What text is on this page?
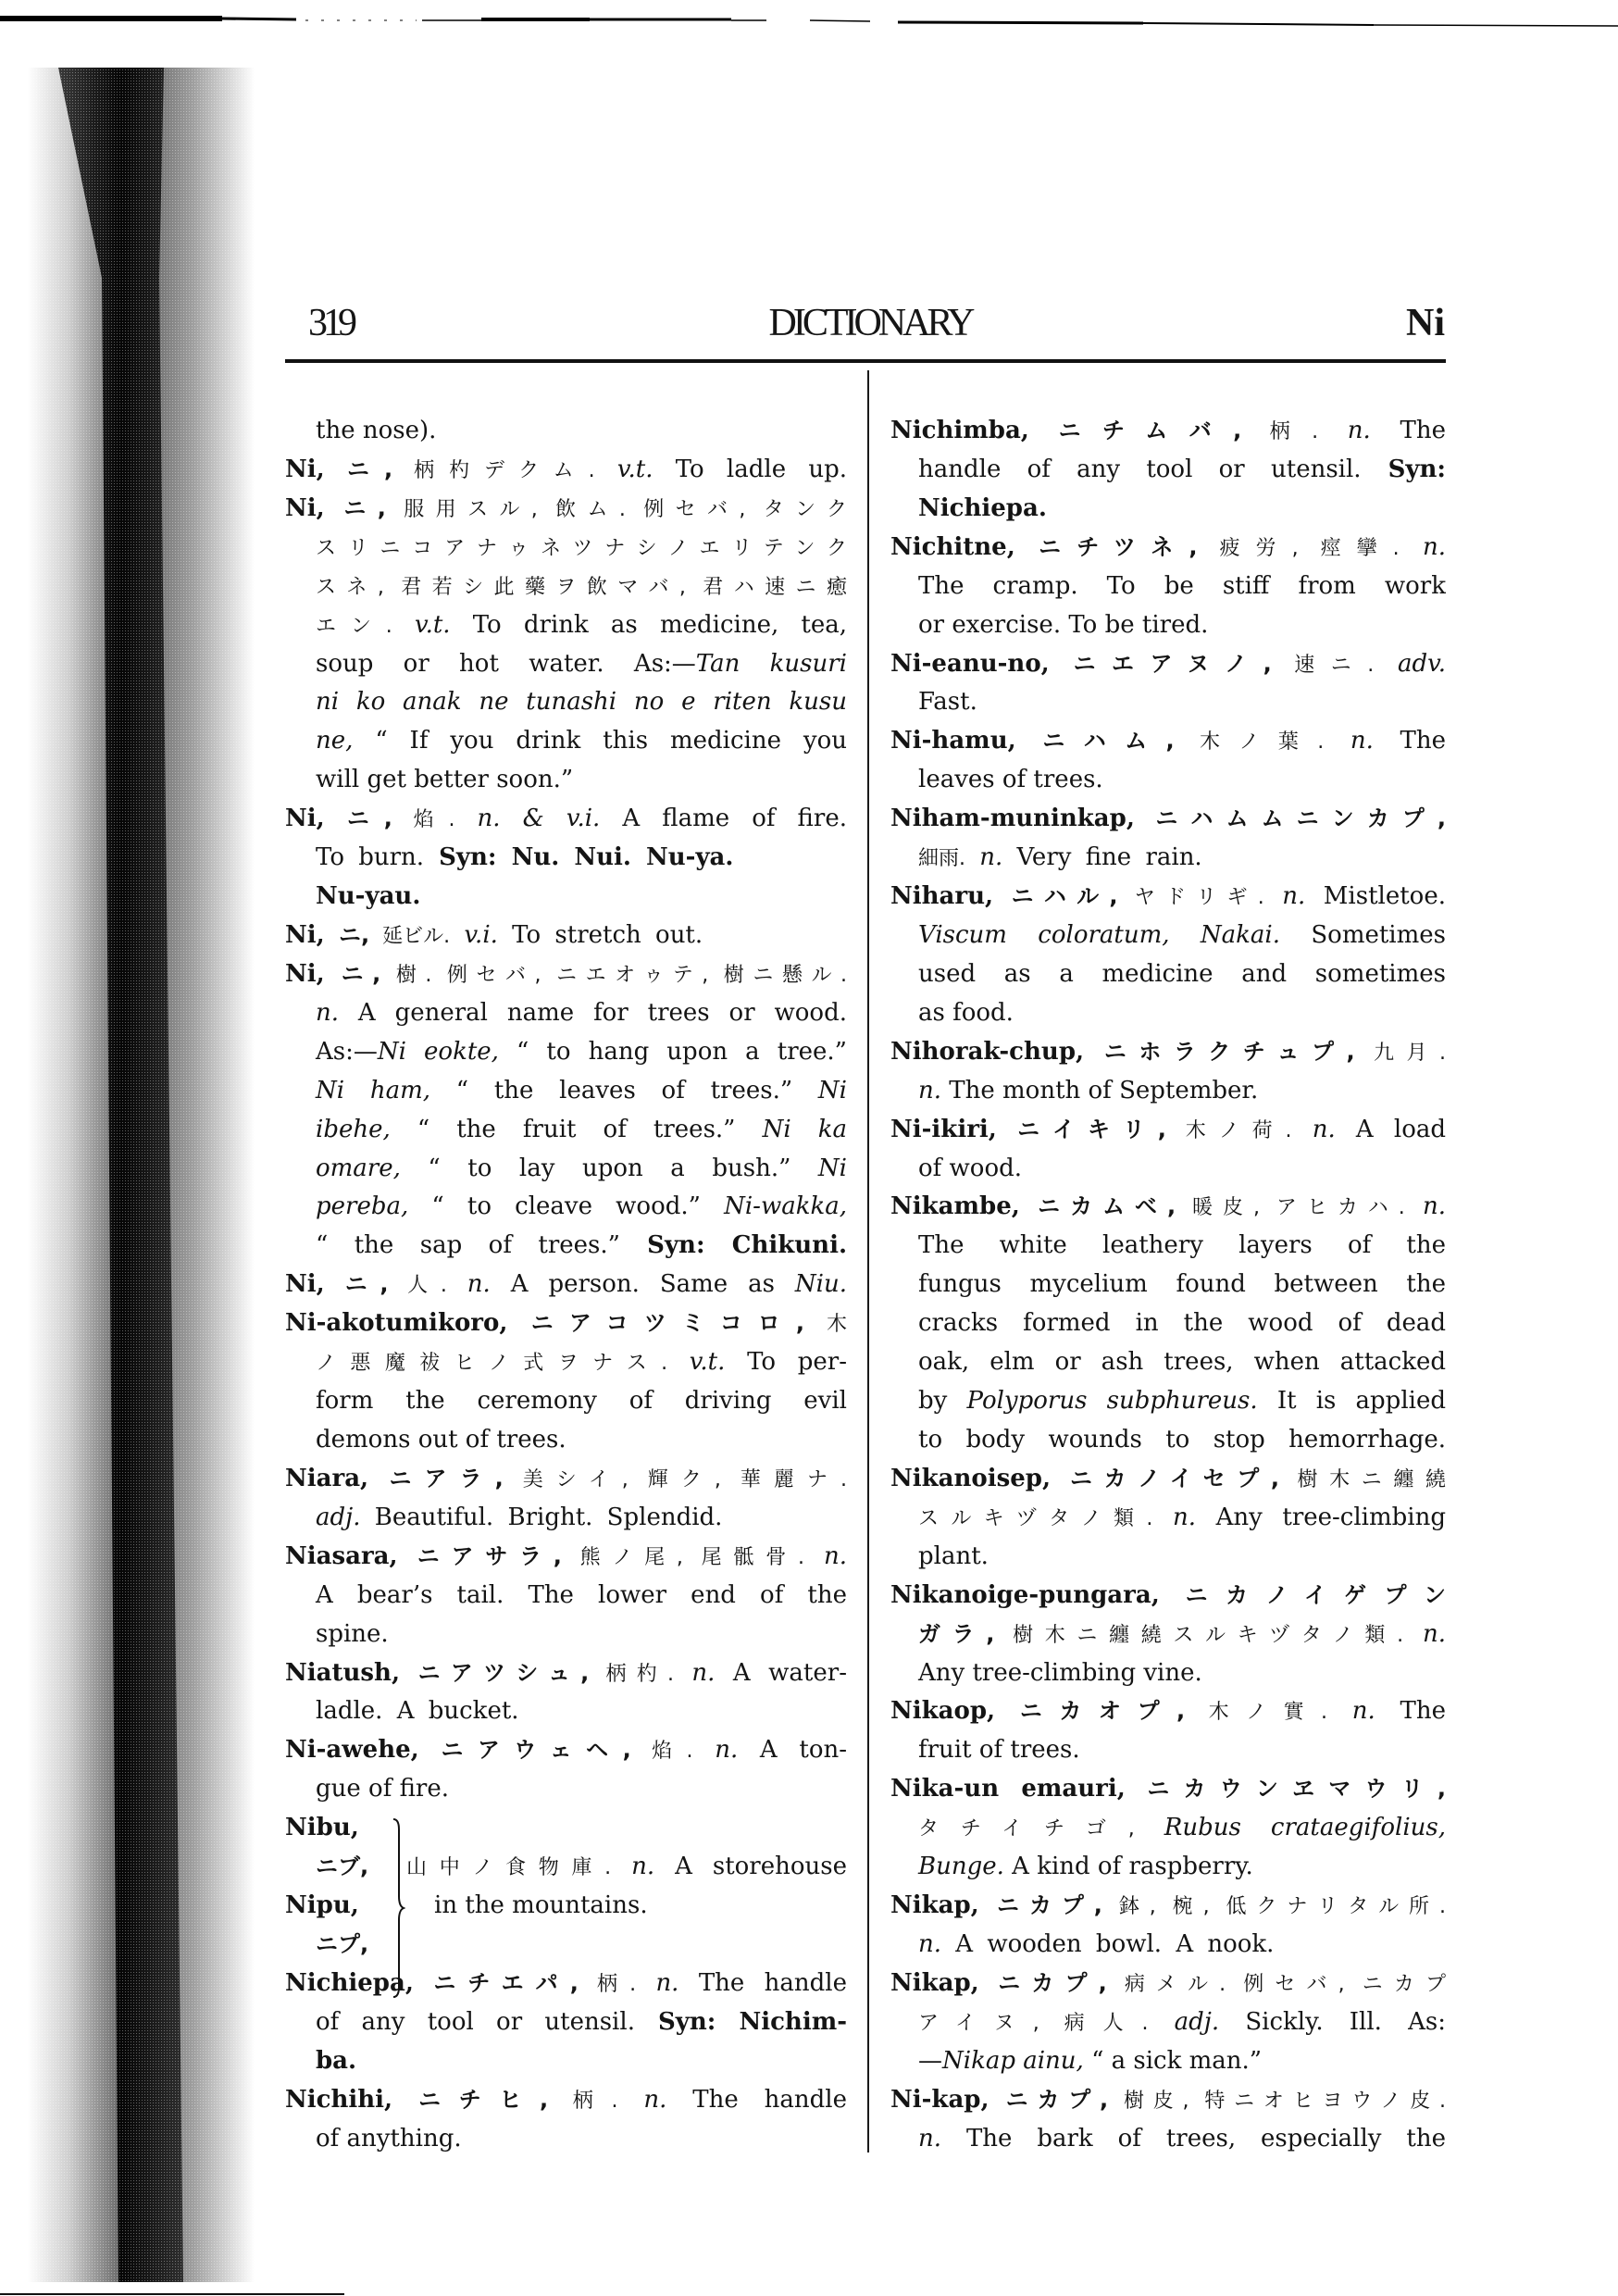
319	DICTIONARY	Ni
the nose).
Ni, ニ, 柄杓デクム. v.t. To ladle up.
Ni, ニ, 服用スル, 飲ム. 例セバ, タンク
スリニコアナゥネツナシノエリテンク
スネ, 君若シ此藥ヲ飲マバ, 君ハ速ニ癒
エン. v.t. To drink as medicine, tea,
soup or hot water. As:—Tan kusuri
ni ko anak ne tunashi no e riten kusu
ne, “ If you drink this medicine you
will get better soon.”
Ni, ニ, 焰. n. & v.i. A flame of fire.
To burn. Syn: Nu. Nui. Nu-ya.
Nu-yau.
Ni, ニ, 延ビル. v.i. To stretch out.
Ni, ニ, 樹. 例セバ, ニエオゥテ, 樹ニ懸ル.
n. A general name for trees or wood.
As:—Ni eokte, “ to hang upon a tree.”
Ni ham, “ the leaves of trees.” Ni
ibehe, “ the fruit of trees.” Ni ka
omare, “ to lay upon a bush.” Ni
pereba, “ to cleave wood.” Ni-wakka,
“ the sap of trees.” Syn: Chikuni.
Ni, ニ, 人. n. A person. Same as Niu.
Ni-akotumikoro, ニアコツミコロ, 木
ノ悪魔祓ヒノ式ヲナス. v.t. To per-
form the ceremony of driving evil
demons out of trees.
Niara, ニアラ, 美シイ, 輝ク, 華麗ナ.
adj. Beautiful. Bright. Splendid.
Niasara, ニアサラ, 熊ノ尾, 尾骶骨. n.
A bear’s tail. The lower end of the
spine.
Niatush, ニアツシュ, 柄杓. n. A water-
ladle. A bucket.
Ni-awehe, ニアウェヘ, 焰. n. A ton-
gue of fire.
Nibu,
ニブ,
Nipu,
ニプ,
山中ノ食物庫. n. A storehouse
in the mountains.
Nichiepa, ニチエパ, 柄. n. The handle
of any tool or utensil. Syn: Nichim-
ba.
Nichihi, ニチヒ, 柄. n. The handle
of anything.
Nichimba, ニチムバ, 柄. n. The
handle of any tool or utensil. Syn:
Nichiepa.
Nichitne, ニチツネ, 疲労, 痙攣. n.
The cramp. To be stiff from work
or exercise. To be tired.
Ni-eanu-no, ニエアヌノ, 速ニ. adv.
Fast.
Ni-hamu, ニハム, 木ノ葉. n. The
leaves of trees.
Niham-muninkap, ニハムムニンカプ,
細雨. n. Very fine rain.
Niharu, ニハル, ヤドリギ. n. Mistletoe.
Viscum coloratum, Nakai. Sometimes
used as a medicine and sometimes
as food.
Nihorak-chup, ニホラクチュプ, 九月.
n. The month of September.
Ni-ikiri, ニイキリ, 木ノ荷. n. A load
of wood.
Nikambe, ニカムベ, 暖皮, アヒカハ. n.
The white leathery layers of the
fungus mycelium found between the
cracks formed in the wood of dead
oak, elm or ash trees, when attacked
by Polyporus subphureus. It is applied
to body wounds to stop hemorrhage.
Nikanoisep, ニカノイセプ, 樹木ニ纏繞
スルキヅタノ類. n. Any tree-climbing
plant.
Nikanoige-pungara, ニカノイゲプン
ガラ, 樹木ニ纏繞スルキヅタノ類. n.
Any tree-climbing vine.
Nikaop, ニカオプ, 木ノ實. n. The
fruit of trees.
Nika-un emauri, ニカウンヱマウリ,
タチイチゴ, Rubus crataegifolius,
Bunge. A kind of raspberry.
Nikap, ニカプ, 鉢, 椀, 低クナリタル所.
n. A wooden bowl. A nook.
Nikap, ニカプ, 病メル. 例セバ, ニカプ
アイヌ, 病人. adj. Sickly. Ill. As:
—Nikap ainu, “ a sick man.”
Ni-kap, ニカプ, 樹皮, 特ニオヒヨウノ皮.
n. The bark of trees, especially the
